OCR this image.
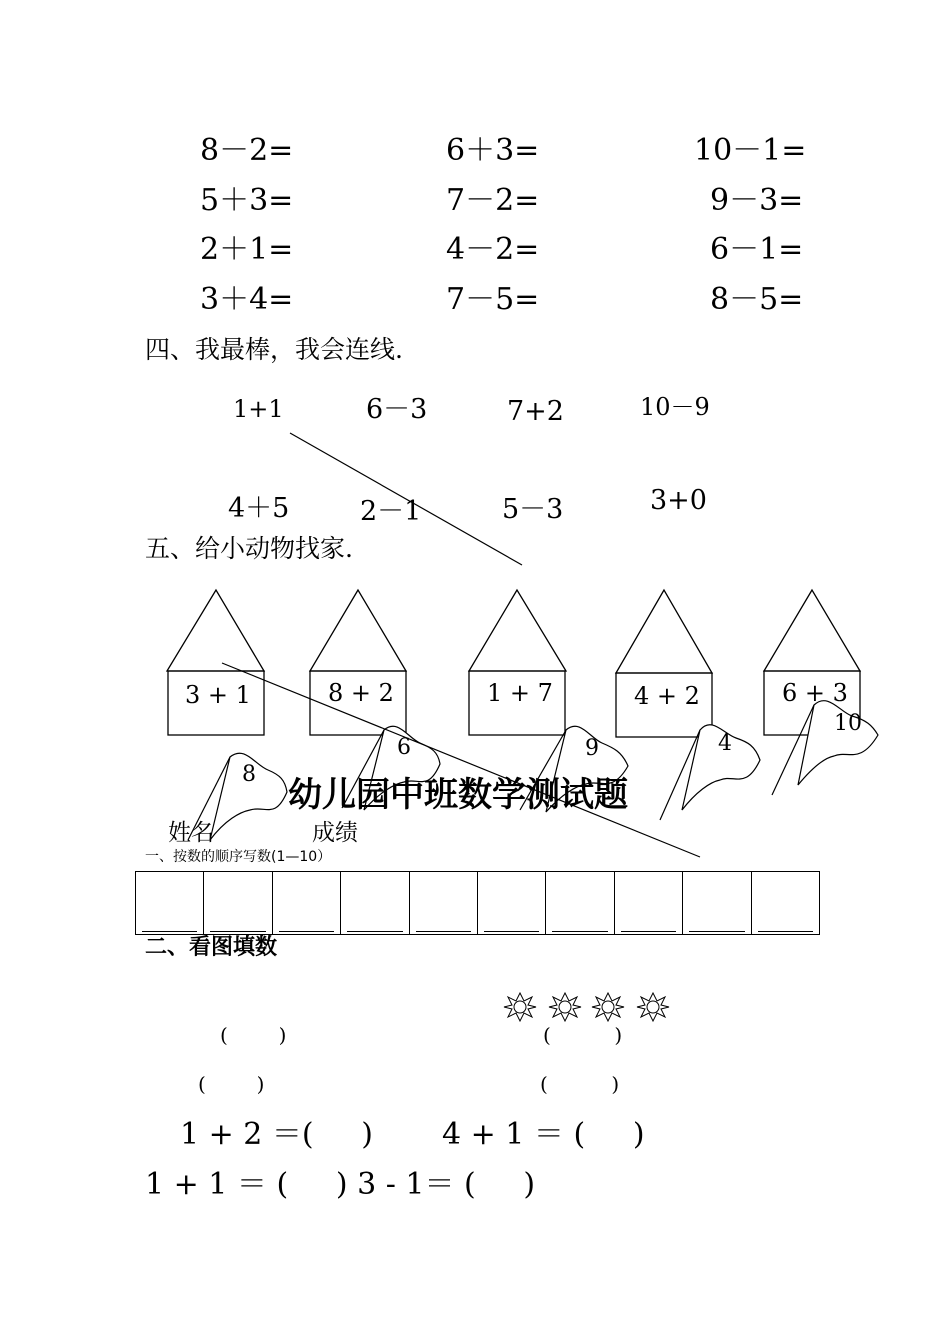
8－2=	6＋3=	10－1=
5＋3=	7－2=	9－3=
2＋1=	4－2=	6－1=
3＋4=	7－5=	8－5=
四、我最棒，我会连线.
1+1	6－3	7+2	10－9
4＋5	2－1	5－3	3+0
五、给小动物找家.
3 + 1	8 + 2	1 + 7	4 + 2	6 + 3
8
6	9	4
10
幼儿园中班数学测试题
姓名	成绩
一、按数的顺序写数(1—10）
二、看图填数
(        )	(          )
(        )	(          )
1 + 2 ＝(     ) 4 + 1 ＝ (     )
1 + 1 ＝ (     ) 3 - 1＝ (     )
